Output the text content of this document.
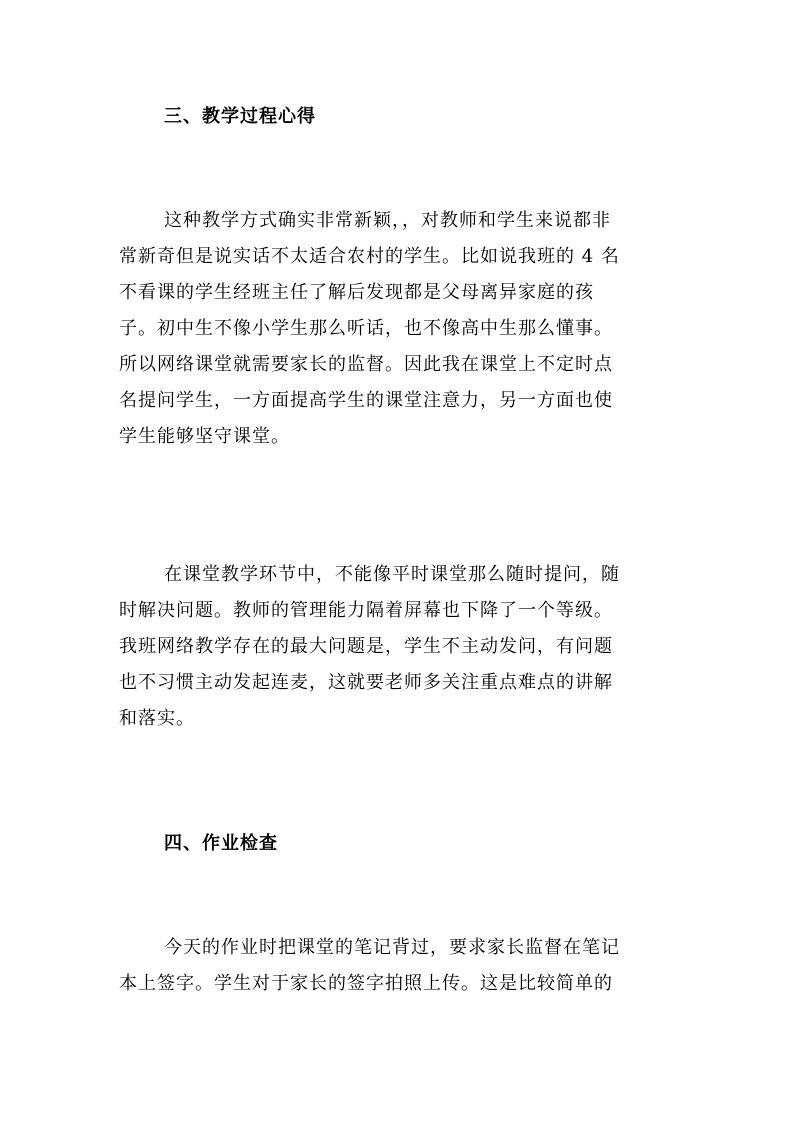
三、教学过程心得
这种教学方式确实非常新颖，，对教师和学生来说都非
常新奇但是说实话不太适合农村的学生。比如说我班的 4 名
不看课的学生经班主任了解后发现都是父母离异家庭的孩
子。初中生不像小学生那么听话，也不像高中生那么懂事。
所以网络课堂就需要家长的监督。因此我在课堂上不定时点
名提问学生，一方面提高学生的课堂注意力，另一方面也使
学生能够坚守课堂。
在课堂教学环节中，不能像平时课堂那么随时提问，随
时解决问题。教师的管理能力隔着屏幕也下降了一个等级。
我班网络教学存在的最大问题是，学生不主动发问，有问题
也不习惯主动发起连麦，这就要老师多关注重点难点的讲解
和落实。
四、作业检查
今天的作业时把课堂的笔记背过，要求家长监督在笔记
本上签字。学生对于家长的签字拍照上传。这是比较简单的
